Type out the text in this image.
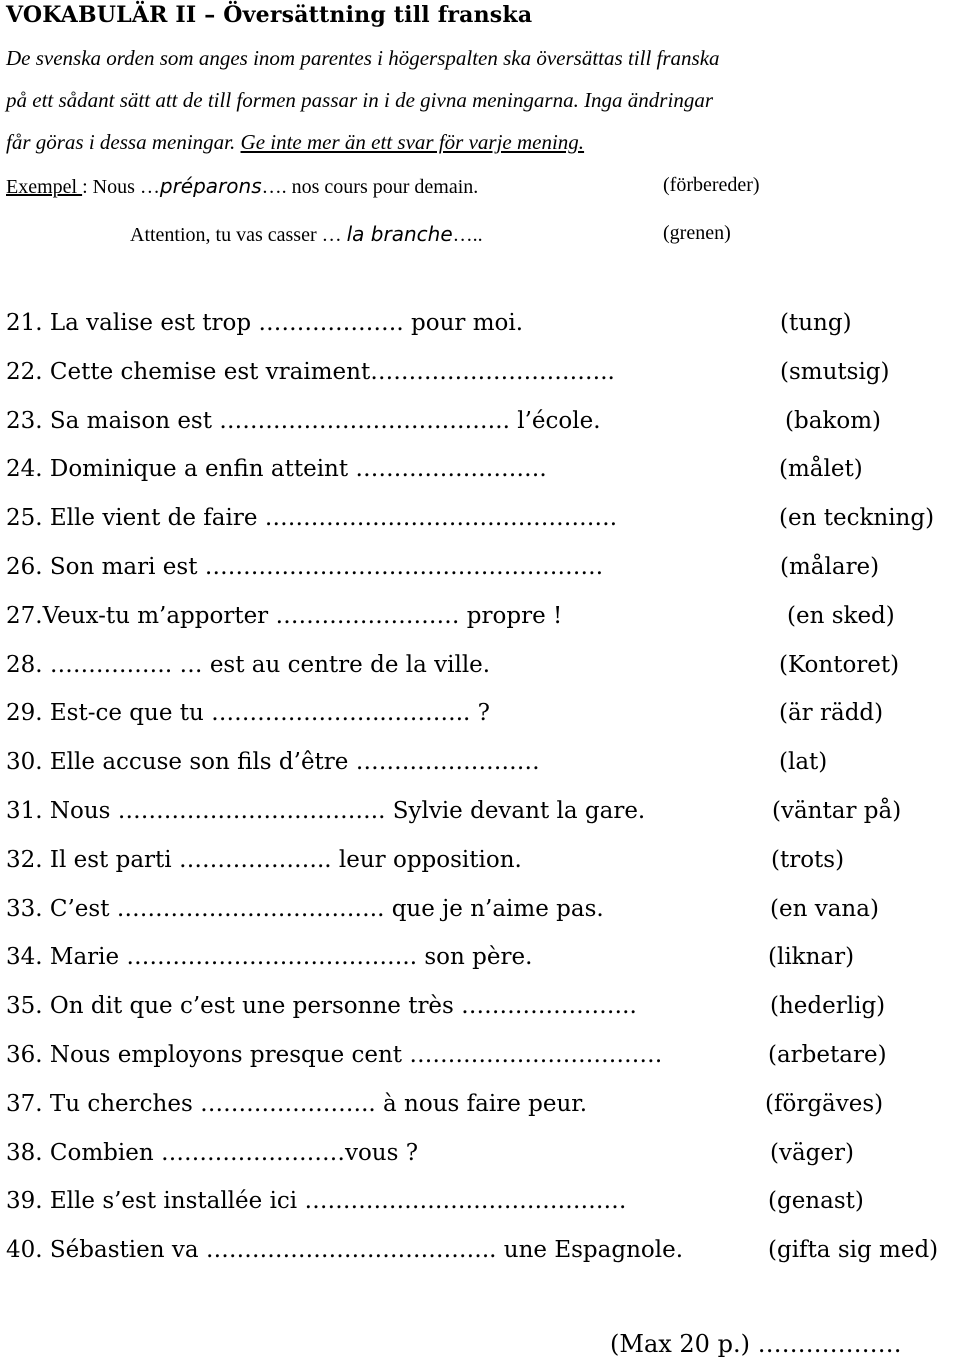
VOKABULÄR II – Översättning till franska
De svenska orden som anges inom parentes i högerspalten ska översättas till franska
på ett sådant sätt att de till formen passar in i de givna meningarna. Inga ändringar
får göras i dessa meningar. Ge inte mer än ett svar för varje mening.
Exempel : Nous …préparons…. nos cours pour demain.	(förbereder)
Attention, tu vas casser … la branche…..	(grenen)
21. La valise est trop ………………. pour moi.	(tung)
22. Cette chemise est vraiment…………………………..	(smutsig)
23. Sa maison est ……………………………….. l’école.	(bakom)
24. Dominique a enfin atteint …………………….	(målet)
25. Elle vient de faire ……………………………………….	(en teckning)
26. Son mari est …………………………………………….	(målare)
27.Veux-tu m’apporter …………………… propre !	(en sked)
28. ……………. … est au centre de la ville.	(Kontoret)
29. Est-ce que tu …………………..……….. ?	(är rädd)
30. Elle accuse son fils d’être ……………………	(lat)
31. Nous …………………………….. Sylvie devant la gare.	(väntar på)
32. Il est parti ……………….. leur opposition.	(trots)
33. C’est …………………………….. que je n’aime pas.	(en vana)
34. Marie ……………………………….. son père.	(liknar)
35. On dit que c’est une personne très …………………..	(hederlig)
36. Nous employons presque cent ……………………………	(arbetare)
37. Tu cherches ………………….. à nous faire peur.	(förgäves)
38. Combien ……………………vous ?	(väger)
39. Elle s’est installée ici ……………………………………	(genast)
40. Sébastien va ……………………………….. une Espagnole.	(gifta sig med)
(Max 20 p.) ………………
